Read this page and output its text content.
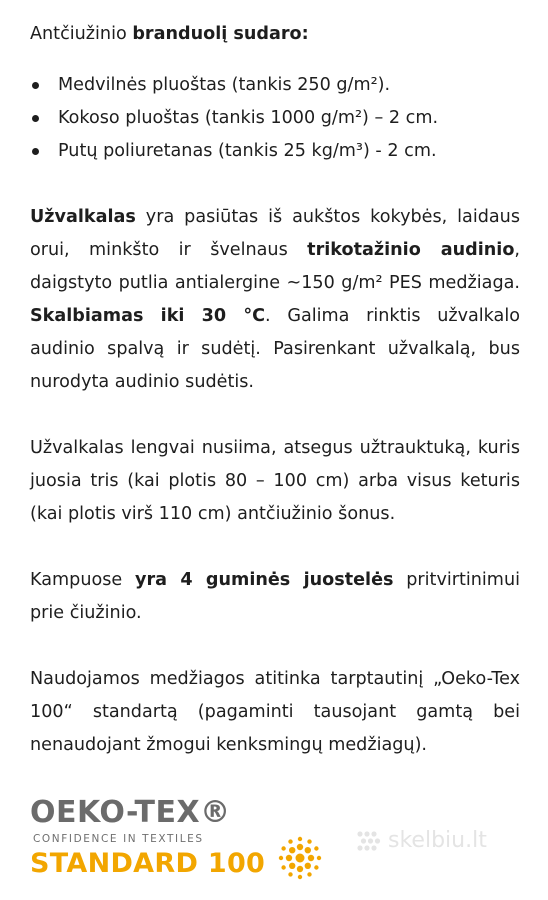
Antčiužinio branduolį sudaro:

Medvilnės pluoštas (tankis 250 g/m²).
Kokoso pluoštas (tankis 1000 g/m²) – 2 cm.
Putų poliuretanas (tankis 25 kg/m³) - 2 cm.

Užvalkalas yra pasiūtas iš aukštos kokybės, laidaus orui, minkšto ir švelnaus trikotažinio audinio, daigstyto putlia antialergine ~150 g/m² PES medžiaga. Skalbiamas iki 30 °C. Galima rinktis užvalkalo audinio spalvą ir sudėtį. Pasirenkant užvalkalą, bus nurodyta audinio sudėtis.

Užvalkalas lengvai nusiima, atsegus užtrauktuką, kuris juosia tris (kai plotis 80 – 100 cm) arba visus keturis (kai plotis virš 110 cm) antčiužinio šonus.

Kampuose yra 4 guminės juostelės pritvirtinimui prie čiužinio.

Naudojamos medžiagos atitinka tarptautinį „Oeko-Tex 100“ standartą (pagaminti tausojant gamtą bei nenaudojant žmogui kenksmingų medžiagų).

OEKO-TEX®
CONFIDENCE IN TEXTILES
STANDARD 100
skelbiu.lt
